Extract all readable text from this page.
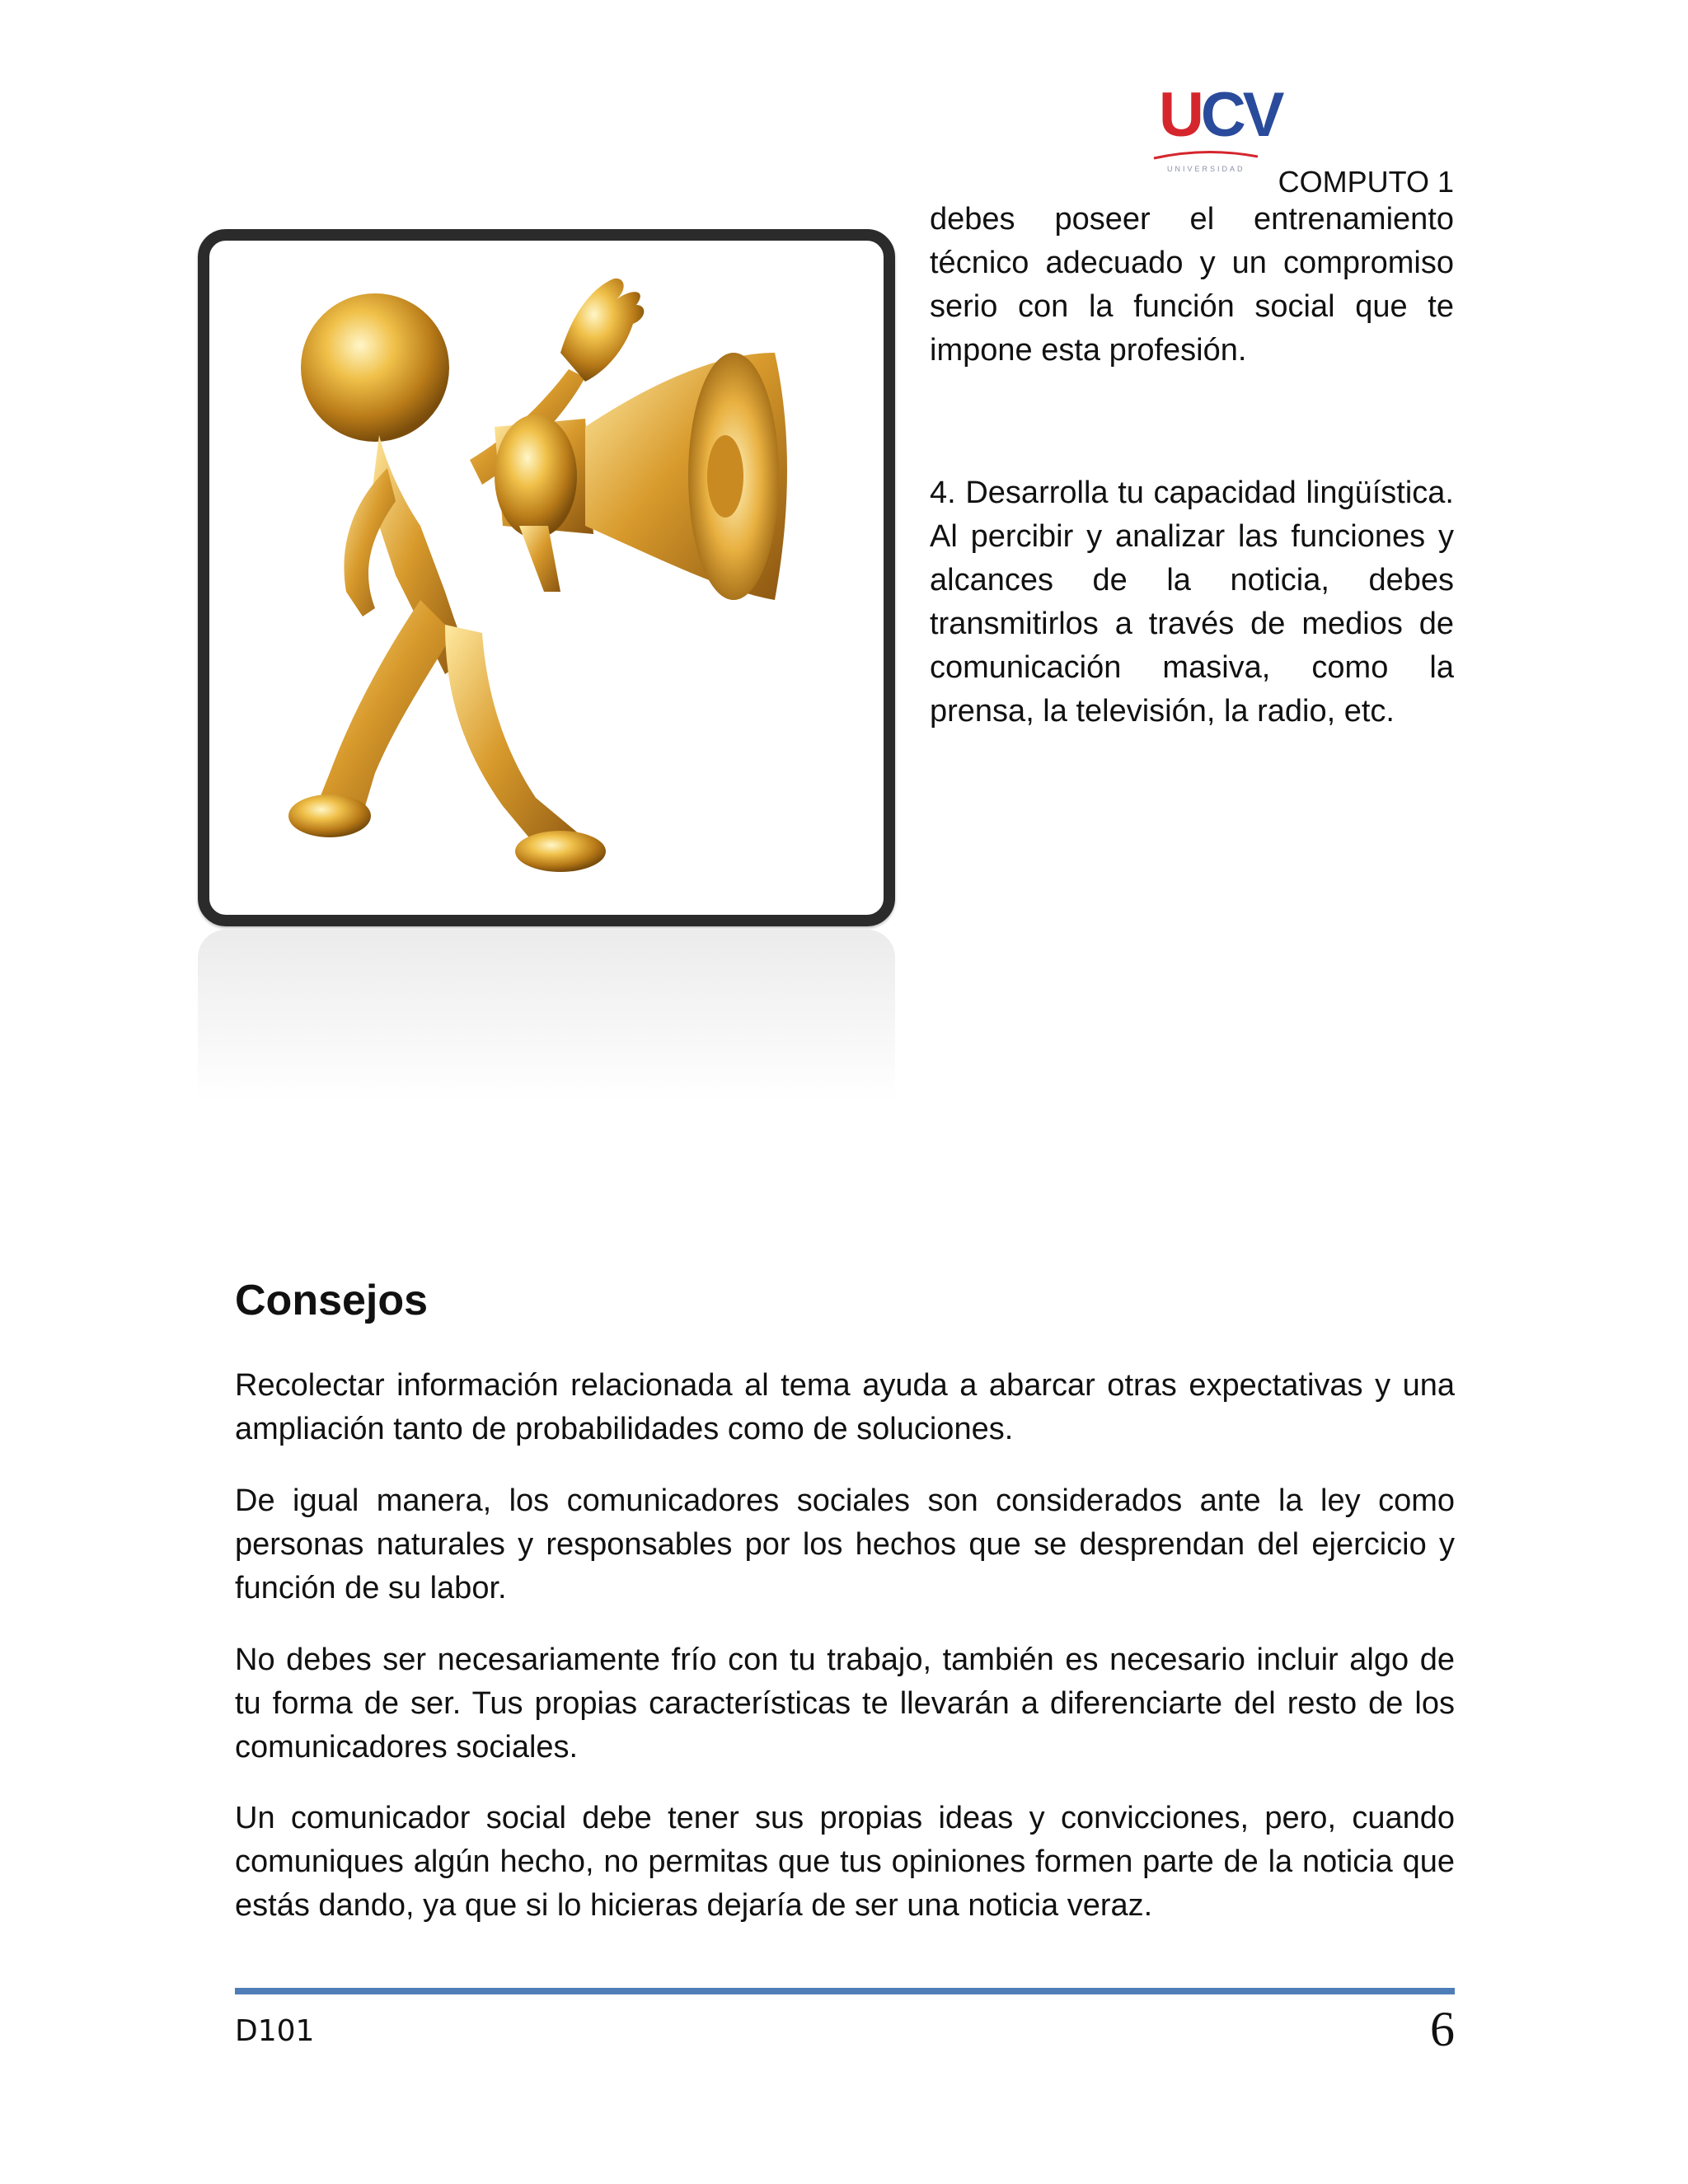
UCV
UNIVERSIDAD COMPUTO 1

debes poseer el entrenamiento técnico adecuado y un compromiso serio con la función social que te impone esta profesión.

4. Desarrolla tu capacidad lingüística. Al percibir y analizar las funciones y alcances de la noticia, debes transmitirlos a través de medios de comunicación masiva, como la prensa, la televisión, la radio, etc.

Consejos
Recolectar información relacionada al tema ayuda a abarcar otras expectativas y una ampliación tanto de probabilidades como de soluciones.
De igual manera, los comunicadores sociales son considerados ante la ley como personas naturales y responsables por los hechos que se desprendan del ejercicio y función de su labor.
No debes ser necesariamente frío con tu trabajo, también es necesario incluir algo de tu forma de ser. Tus propias características te llevarán a diferenciarte del resto de los comunicadores sociales.
Un comunicador social debe tener sus propias ideas y convicciones, pero, cuando comuniques algún hecho, no permitas que tus opiniones formen parte de la noticia que estás dando, ya que si lo hicieras dejaría de ser una noticia veraz.
D101	6
